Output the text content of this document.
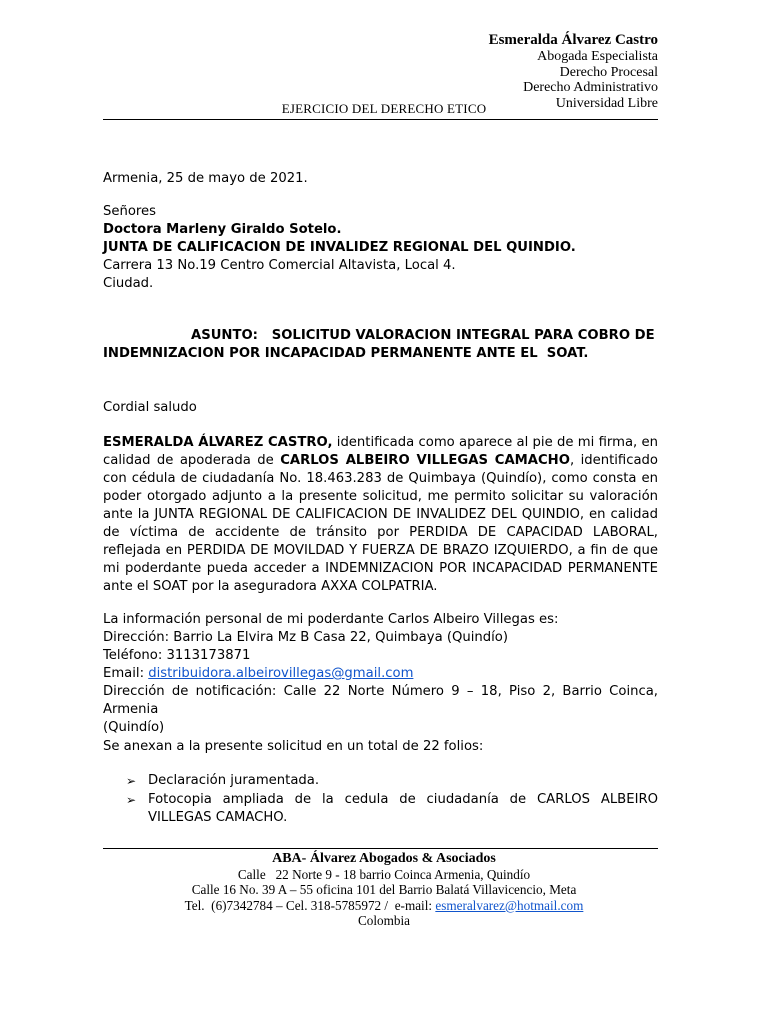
Esmeralda Álvarez Castro
Abogada Especialista
Derecho Procesal
Derecho Administrativo
Universidad Libre
EJERCICIO DEL DERECHO ETICO
Armenia, 25 de mayo de 2021.
Señores
Doctora Marleny Giraldo Sotelo.
JUNTA DE CALIFICACION DE INVALIDEZ REGIONAL DEL QUINDIO.
Carrera 13 No.19 Centro Comercial Altavista, Local 4.
Ciudad.
ASUNTO:   SOLICITUD VALORACION INTEGRAL PARA COBRO DE
INDEMNIZACION POR INCAPACIDAD PERMANENTE ANTE EL  SOAT.
Cordial saludo
ESMERALDA ÁLVAREZ CASTRO, identificada como aparece al pie de mi firma, en calidad de apoderada de CARLOS ALBEIRO VILLEGAS CAMACHO, identificado con cédula de ciudadanía No. 18.463.283 de Quimbaya (Quindío), como consta en poder otorgado adjunto a la presente solicitud, me permito solicitar su valoración ante la JUNTA REGIONAL DE CALIFICACION DE INVALIDEZ DEL QUINDIO, en calidad de víctima de accidente de tránsito por PERDIDA DE CAPACIDAD LABORAL, reflejada en PERDIDA DE MOVILDAD Y FUERZA DE BRAZO IZQUIERDO, a fin de que mi poderdante pueda acceder a INDEMNIZACION POR INCAPACIDAD PERMANENTE ante el SOAT por la aseguradora AXXA COLPATRIA.
La información personal de mi poderdante Carlos Albeiro Villegas es:
Dirección: Barrio La Elvira Mz B Casa 22, Quimbaya (Quindío)
Teléfono: 3113173871
Email: distribuidora.albeirovillegas@gmail.com
Dirección de notificación: Calle 22 Norte Número 9 – 18, Piso 2, Barrio Coinca, Armenia
(Quindío)
Se anexan a la presente solicitud en un total de 22 folios:
➢ Declaración juramentada.
➢ Fotocopia ampliada de la cedula de ciudadanía de CARLOS ALBEIRO VILLEGAS CAMACHO.
ABA- Álvarez Abogados & Asociados
Calle   22 Norte 9 - 18 barrio Coinca Armenia, Quindío
Calle 16 No. 39 A – 55 oficina 101 del Barrio Balatá Villavicencio, Meta
Tel.  (6)7342784 – Cel. 318-5785972 /  e-mail: esmeralvarez@hotmail.com
Colombia
